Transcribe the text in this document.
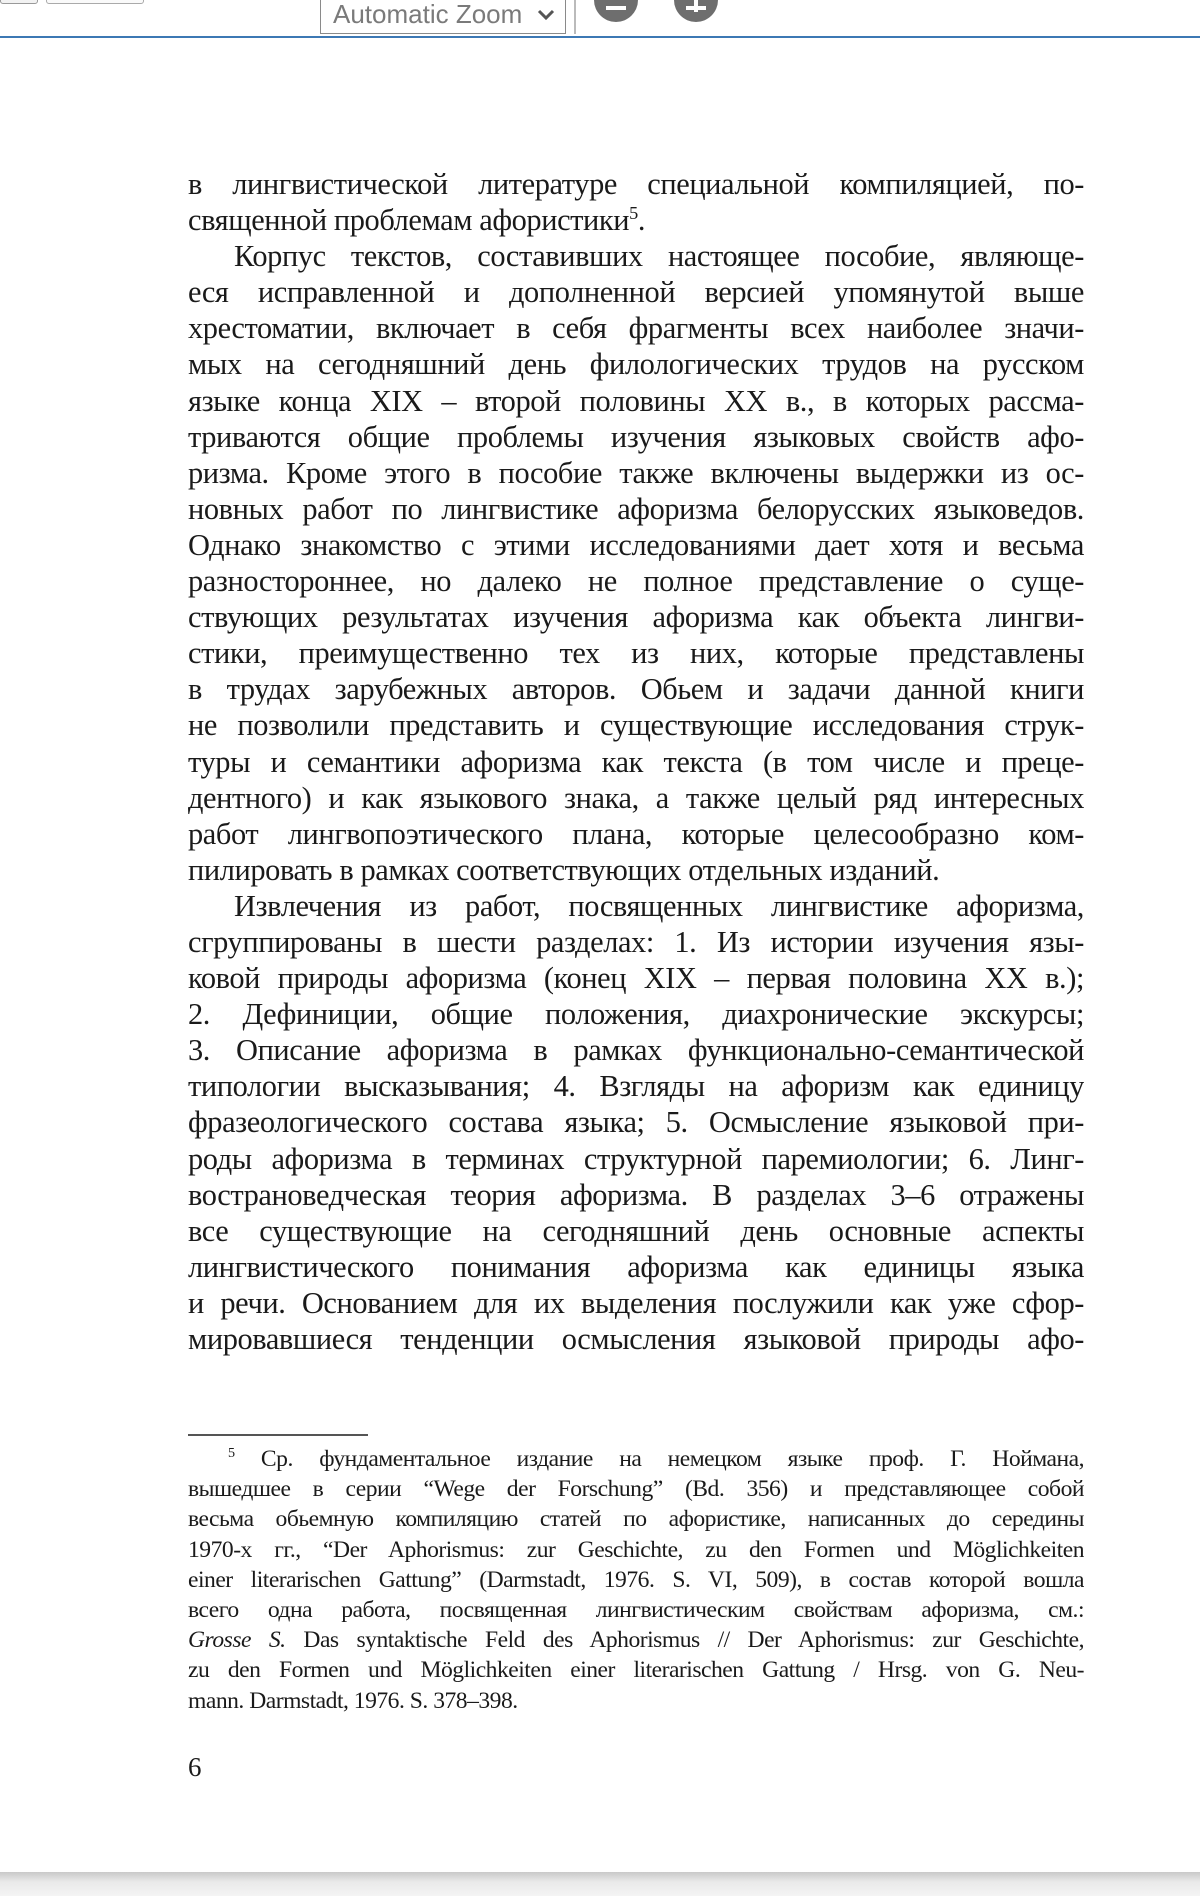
Automatic Zoom
в лингвистической литературе специальной компиляцией, по-
священной проблемам афористики$^5$.
Корпус текстов, составивших настоящее пособие, являюще-
еся исправленной и дополненной версией упомянутой выше
хрестоматии, включает в себя фрагменты всех наиболее значи-
мых на сегодняшний день филологических трудов на русском
языке конца XIX – второй половины XX в., в которых рассма-
триваются общие проблемы изучения языковых свойств афо-
ризма. Кроме этого в пособие также включены выдержки из ос-
новных работ по лингвистике афоризма белорусских языковедов.
Однако знакомство с этими исследованиями дает хотя и весьма
разностороннее, но далеко не полное представление о суще-
ствующих результатах изучения афоризма как объекта лингви-
стики, преимущественно тех из них, которые представлены
в трудах зарубежных авторов. Обьем и задачи данной книги
не позволили представить и существующие исследования струк-
туры и семантики афоризма как текста (в том числе и преце-
дентного) и как языкового знака, а также целый ряд интересных
работ лингвопоэтического плана, которые целесообразно ком-
пилировать в рамках соответствующих отдельных изданий.
Извлечения из работ, посвященных лингвистике афоризма,
сгруппированы в шести разделах: 1. Из истории изучения язы-
ковой природы афоризма (конец XIX – первая половина XX в.);
2. Дефиниции, общие положения, диахронические экскурсы;
3. Описание афоризма в рамках функционально-семантической
типологии высказывания; 4. Взгляды на афоризм как единицу
фразеологического состава языка; 5. Осмысление языковой при-
роды афоризма в терминах структурной паремиологии; 6. Линг-
вострановедческая теория афоризма. В разделах 3–6 отражены
все существующие на сегодняшний день основные аспекты
лингвистического понимания афоризма как единицы языка
и речи. Основанием для их выделения послужили как уже сфор-
мировавшиеся тенденции осмысления языковой природы афо-
$^5$ Ср. фундаментальное издание на немецком языке проф. Г. Ноймана,
вышедшее в серии “Wege der Forschung” (Bd. 356) и представляющее собой
весьма обьемную компиляцию статей по афористике, написанных до середины
1970-х гг., “Der Aphorismus: zur Geschichte, zu den Formen und Möglichkeiten
einer literarischen Gattung” (Darmstadt, 1976. S. VI, 509), в состав которой вошла
всего одна работа, посвященная лингвистическим свойствам афоризма, см.:
Grosse S. Das syntaktische Feld des Aphorismus // Der Aphorismus: zur Geschichte,
zu den Formen und Möglichkeiten einer literarischen Gattung / Hrsg. von G. Neu-
mann. Darmstadt, 1976. S. 378–398.
6
